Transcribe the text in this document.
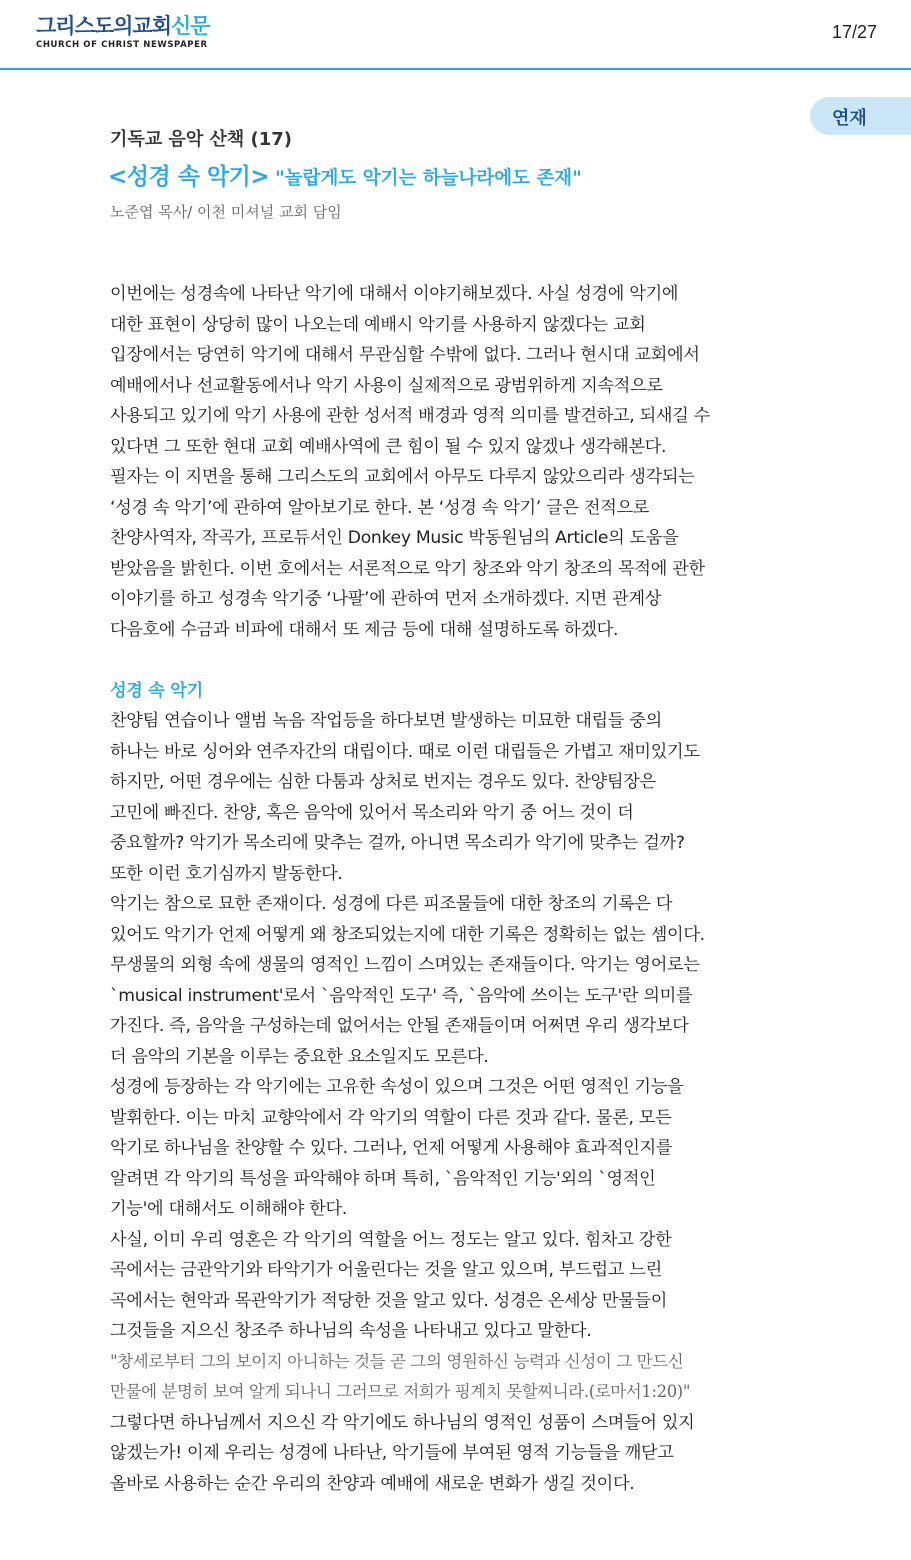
그리스도의교회신문
CHURCH OF CHRIST NEWSPAPER
17/27
연재
기독교 음악 산책 (17)
<성경 속 악기> "놀랍게도 악기는 하늘나라에도 존재"
노준엽 목사/ 이천 미셔널 교회 담임
이번에는 성경속에 나타난 악기에 대해서 이야기해보겠다. 사실 성경에 악기에
대한 표현이 상당히 많이 나오는데 예배시 악기를 사용하지 않겠다는 교회
입장에서는 당연히 악기에 대해서 무관심할 수밖에 없다. 그러나 현시대 교회에서
예배에서나 선교활동에서나 악기 사용이 실제적으로 광범위하게 지속적으로
사용되고 있기에 악기 사용에 관한 성서적 배경과 영적 의미를 발견하고, 되새길 수
있다면 그 또한 현대 교회 예배사역에 큰 힘이 될 수 있지 않겠나 생각해본다.
필자는 이 지면을 통해 그리스도의 교회에서 아무도 다루지 않았으리라 생각되는
‘성경 속 악기’에 관하여 알아보기로 한다. 본 ‘성경 속 악기’ 글은 전적으로
찬양사역자, 작곡가, 프로듀서인 Donkey Music 박동원님의 Article의 도움을
받았음을 밝힌다. 이번 호에서는 서론적으로 악기 창조와 악기 창조의 목적에 관한
이야기를 하고 성경속 악기중 ‘나팔’에 관하여 먼저 소개하겠다. 지면 관계상
다음호에 수금과 비파에 대해서 또 제금 등에 대해 설명하도록 하겠다.
성경 속 악기
찬양팀 연습이나 앨범 녹음 작업등을 하다보면 발생하는 미묘한 대립들 중의
하나는 바로 싱어와 연주자간의 대립이다. 때로 이런 대립들은 가볍고 재미있기도
하지만, 어떤 경우에는 심한 다툼과 상처로 번지는 경우도 있다. 찬양팀장은
고민에 빠진다. 찬양, 혹은 음악에 있어서 목소리와 악기 중 어느 것이 더
중요할까? 악기가 목소리에 맞추는 걸까, 아니면 목소리가 악기에 맞추는 걸까?
또한 이런 호기심까지 발동한다.
악기는 참으로 묘한 존재이다. 성경에 다른 피조물들에 대한 창조의 기록은 다
있어도 악기가 언제 어떻게 왜 창조되었는지에 대한 기록은 정확히는 없는 셈이다.
무생물의 외형 속에 생물의 영적인 느낌이 스며있는 존재들이다. 악기는 영어로는
`musical instrument'로서 `음악적인 도구' 즉, `음악에 쓰이는 도구'란 의미를
가진다. 즉, 음악을 구성하는데 없어서는 안될 존재들이며 어쩌면 우리 생각보다
더 음악의 기본을 이루는 중요한 요소일지도 모른다.
성경에 등장하는 각 악기에는 고유한 속성이 있으며 그것은 어떤 영적인 기능을
발휘한다. 이는 마치 교향악에서 각 악기의 역할이 다른 것과 같다. 물론, 모든
악기로 하나님을 찬양할 수 있다. 그러나, 언제 어떻게 사용해야 효과적인지를
알려면 각 악기의 특성을 파악해야 하며 특히, `음악적인 기능'외의 `영적인
기능'에 대해서도 이해해야 한다.
사실, 이미 우리 영혼은 각 악기의 역할을 어느 정도는 알고 있다. 힘차고 강한
곡에서는 금관악기와 타악기가 어울린다는 것을 알고 있으며, 부드럽고 느린
곡에서는 현악과 목관악기가 적당한 것을 알고 있다. 성경은 온세상 만물들이
그것들을 지으신 창조주 하나님의 속성을 나타내고 있다고 말한다.
"창세로부터 그의 보이지 아니하는 것들 곧 그의 영원하신 능력과 신성이 그 만드신
만물에 분명히 보여 알게 되나니 그러므로 저희가 핑계치 못할찌니라.(로마서1:20)"
그렇다면 하나님께서 지으신 각 악기에도 하나님의 영적인 성품이 스며들어 있지
않겠는가! 이제 우리는 성경에 나타난, 악기들에 부여된 영적 기능들을 깨닫고
올바로 사용하는 순간 우리의 찬양과 예배에 새로운 변화가 생길 것이다.
